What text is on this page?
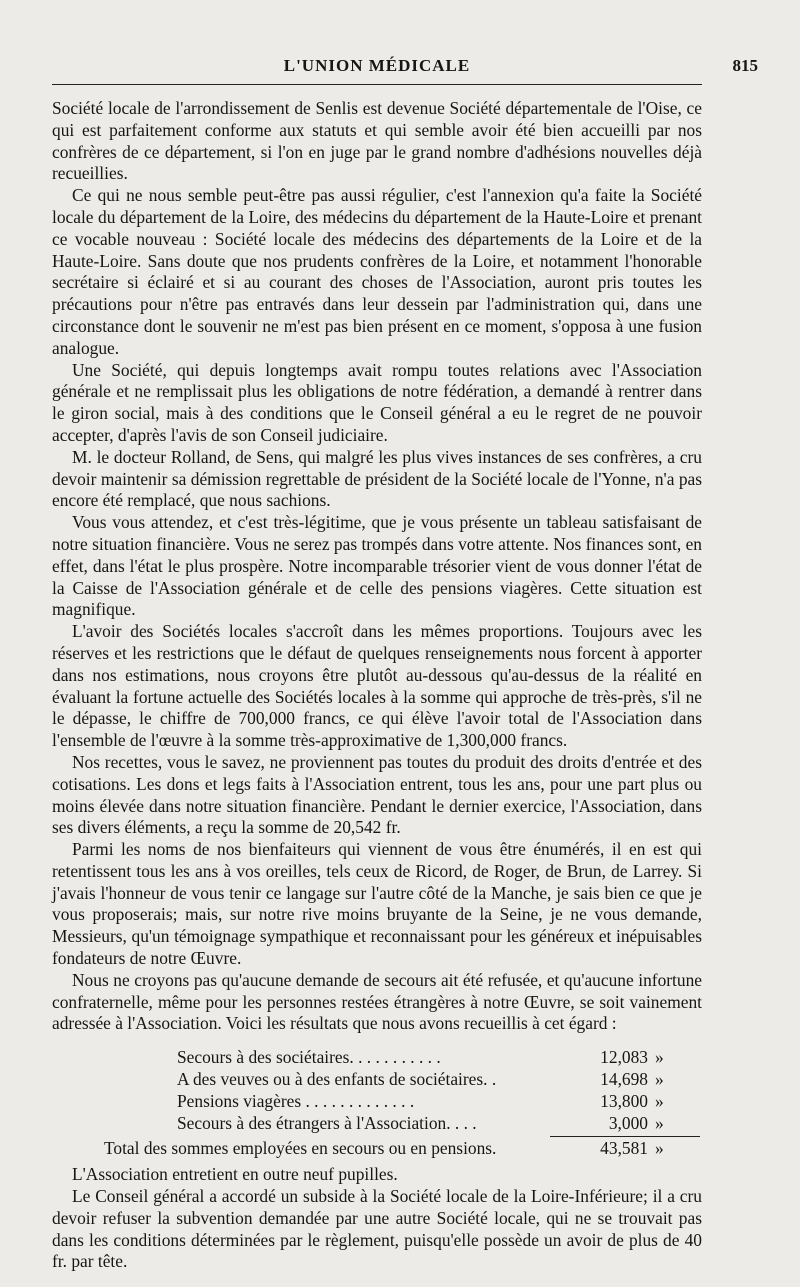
L'UNION MÉDICALE	815

Société locale de l'arrondissement de Senlis est devenue Société départementale de l'Oise, ce qui est parfaitement conforme aux statuts et qui semble avoir été bien accueilli par nos confrères de ce département, si l'on en juge par le grand nombre d'adhésions nouvelles déjà recueillies.

Ce qui ne nous semble peut-être pas aussi régulier, c'est l'annexion qu'a faite la Société locale du département de la Loire, des médecins du département de la Haute-Loire et prenant ce vocable nouveau : Société locale des médecins des départements de la Loire et de la Haute-Loire. Sans doute que nos prudents confrères de la Loire, et notamment l'honorable secrétaire si éclairé et si au courant des choses de l'Association, auront pris toutes les précautions pour n'être pas entravés dans leur dessein par l'administration qui, dans une circonstance dont le souvenir ne m'est pas bien présent en ce moment, s'opposa à une fusion analogue.

Une Société, qui depuis longtemps avait rompu toutes relations avec l'Association générale et ne remplissait plus les obligations de notre fédération, a demandé à rentrer dans le giron social, mais à des conditions que le Conseil général a eu le regret de ne pouvoir accepter, d'après l'avis de son Conseil judiciaire.

M. le docteur Rolland, de Sens, qui malgré les plus vives instances de ses confrères, a cru devoir maintenir sa démission regrettable de président de la Société locale de l'Yonne, n'a pas encore été remplacé, que nous sachions.

Vous vous attendez, et c'est très-légitime, que je vous présente un tableau satisfaisant de notre situation financière. Vous ne serez pas trompés dans votre attente. Nos finances sont, en effet, dans l'état le plus prospère. Notre incomparable trésorier vient de vous donner l'état de la Caisse de l'Association générale et de celle des pensions viagères. Cette situation est magnifique.

L'avoir des Sociétés locales s'accroît dans les mêmes proportions. Toujours avec les réserves et les restrictions que le défaut de quelques renseignements nous forcent à apporter dans nos estimations, nous croyons être plutôt au-dessous qu'au-dessus de la réalité en évaluant la fortune actuelle des Sociétés locales à la somme qui approche de très-près, s'il ne le dépasse, le chiffre de 700,000 francs, ce qui élève l'avoir total de l'Association dans l'ensemble de l'œuvre à la somme très-approximative de 1,300,000 francs.

Nos recettes, vous le savez, ne proviennent pas toutes du produit des droits d'entrée et des cotisations. Les dons et legs faits à l'Association entrent, tous les ans, pour une part plus ou moins élevée dans notre situation financière. Pendant le dernier exercice, l'Association, dans ses divers éléments, a reçu la somme de 20,542 fr.

Parmi les noms de nos bienfaiteurs qui viennent de vous être énumérés, il en est qui retentissent tous les ans à vos oreilles, tels ceux de Ricord, de Roger, de Brun, de Larrey. Si j'avais l'honneur de vous tenir ce langage sur l'autre côté de la Manche, je sais bien ce que je vous proposerais; mais, sur notre rive moins bruyante de la Seine, je ne vous demande, Messieurs, qu'un témoignage sympathique et reconnaissant pour les généreux et inépuisables fondateurs de notre Œuvre.

Nous ne croyons pas qu'aucune demande de secours ait été refusée, et qu'aucune infortune confraternelle, même pour les personnes restées étrangères à notre Œuvre, se soit vainement adressée à l'Association. Voici les résultats que nous avons recueillis à cet égard :

Secours à des sociétaires. . . . . . . . . . .	12,083 »
A des veuves ou à des enfants de sociétaires. .	14,698 »
Pensions viagères . . . . . . . . . . . . .	13,800 »
Secours à des étrangers à l'Association. . . .	3,000 »
Total des sommes employées en secours ou en pensions.	43,581 »

L'Association entretient en outre neuf pupilles.

Le Conseil général a accordé un subside à la Société locale de la Loire-Inférieure; il a cru devoir refuser la subvention demandée par une autre Société locale, qui ne se trouvait pas dans les conditions déterminées par le règlement, puisqu'elle possède un avoir de plus de 40 fr. par tête.
